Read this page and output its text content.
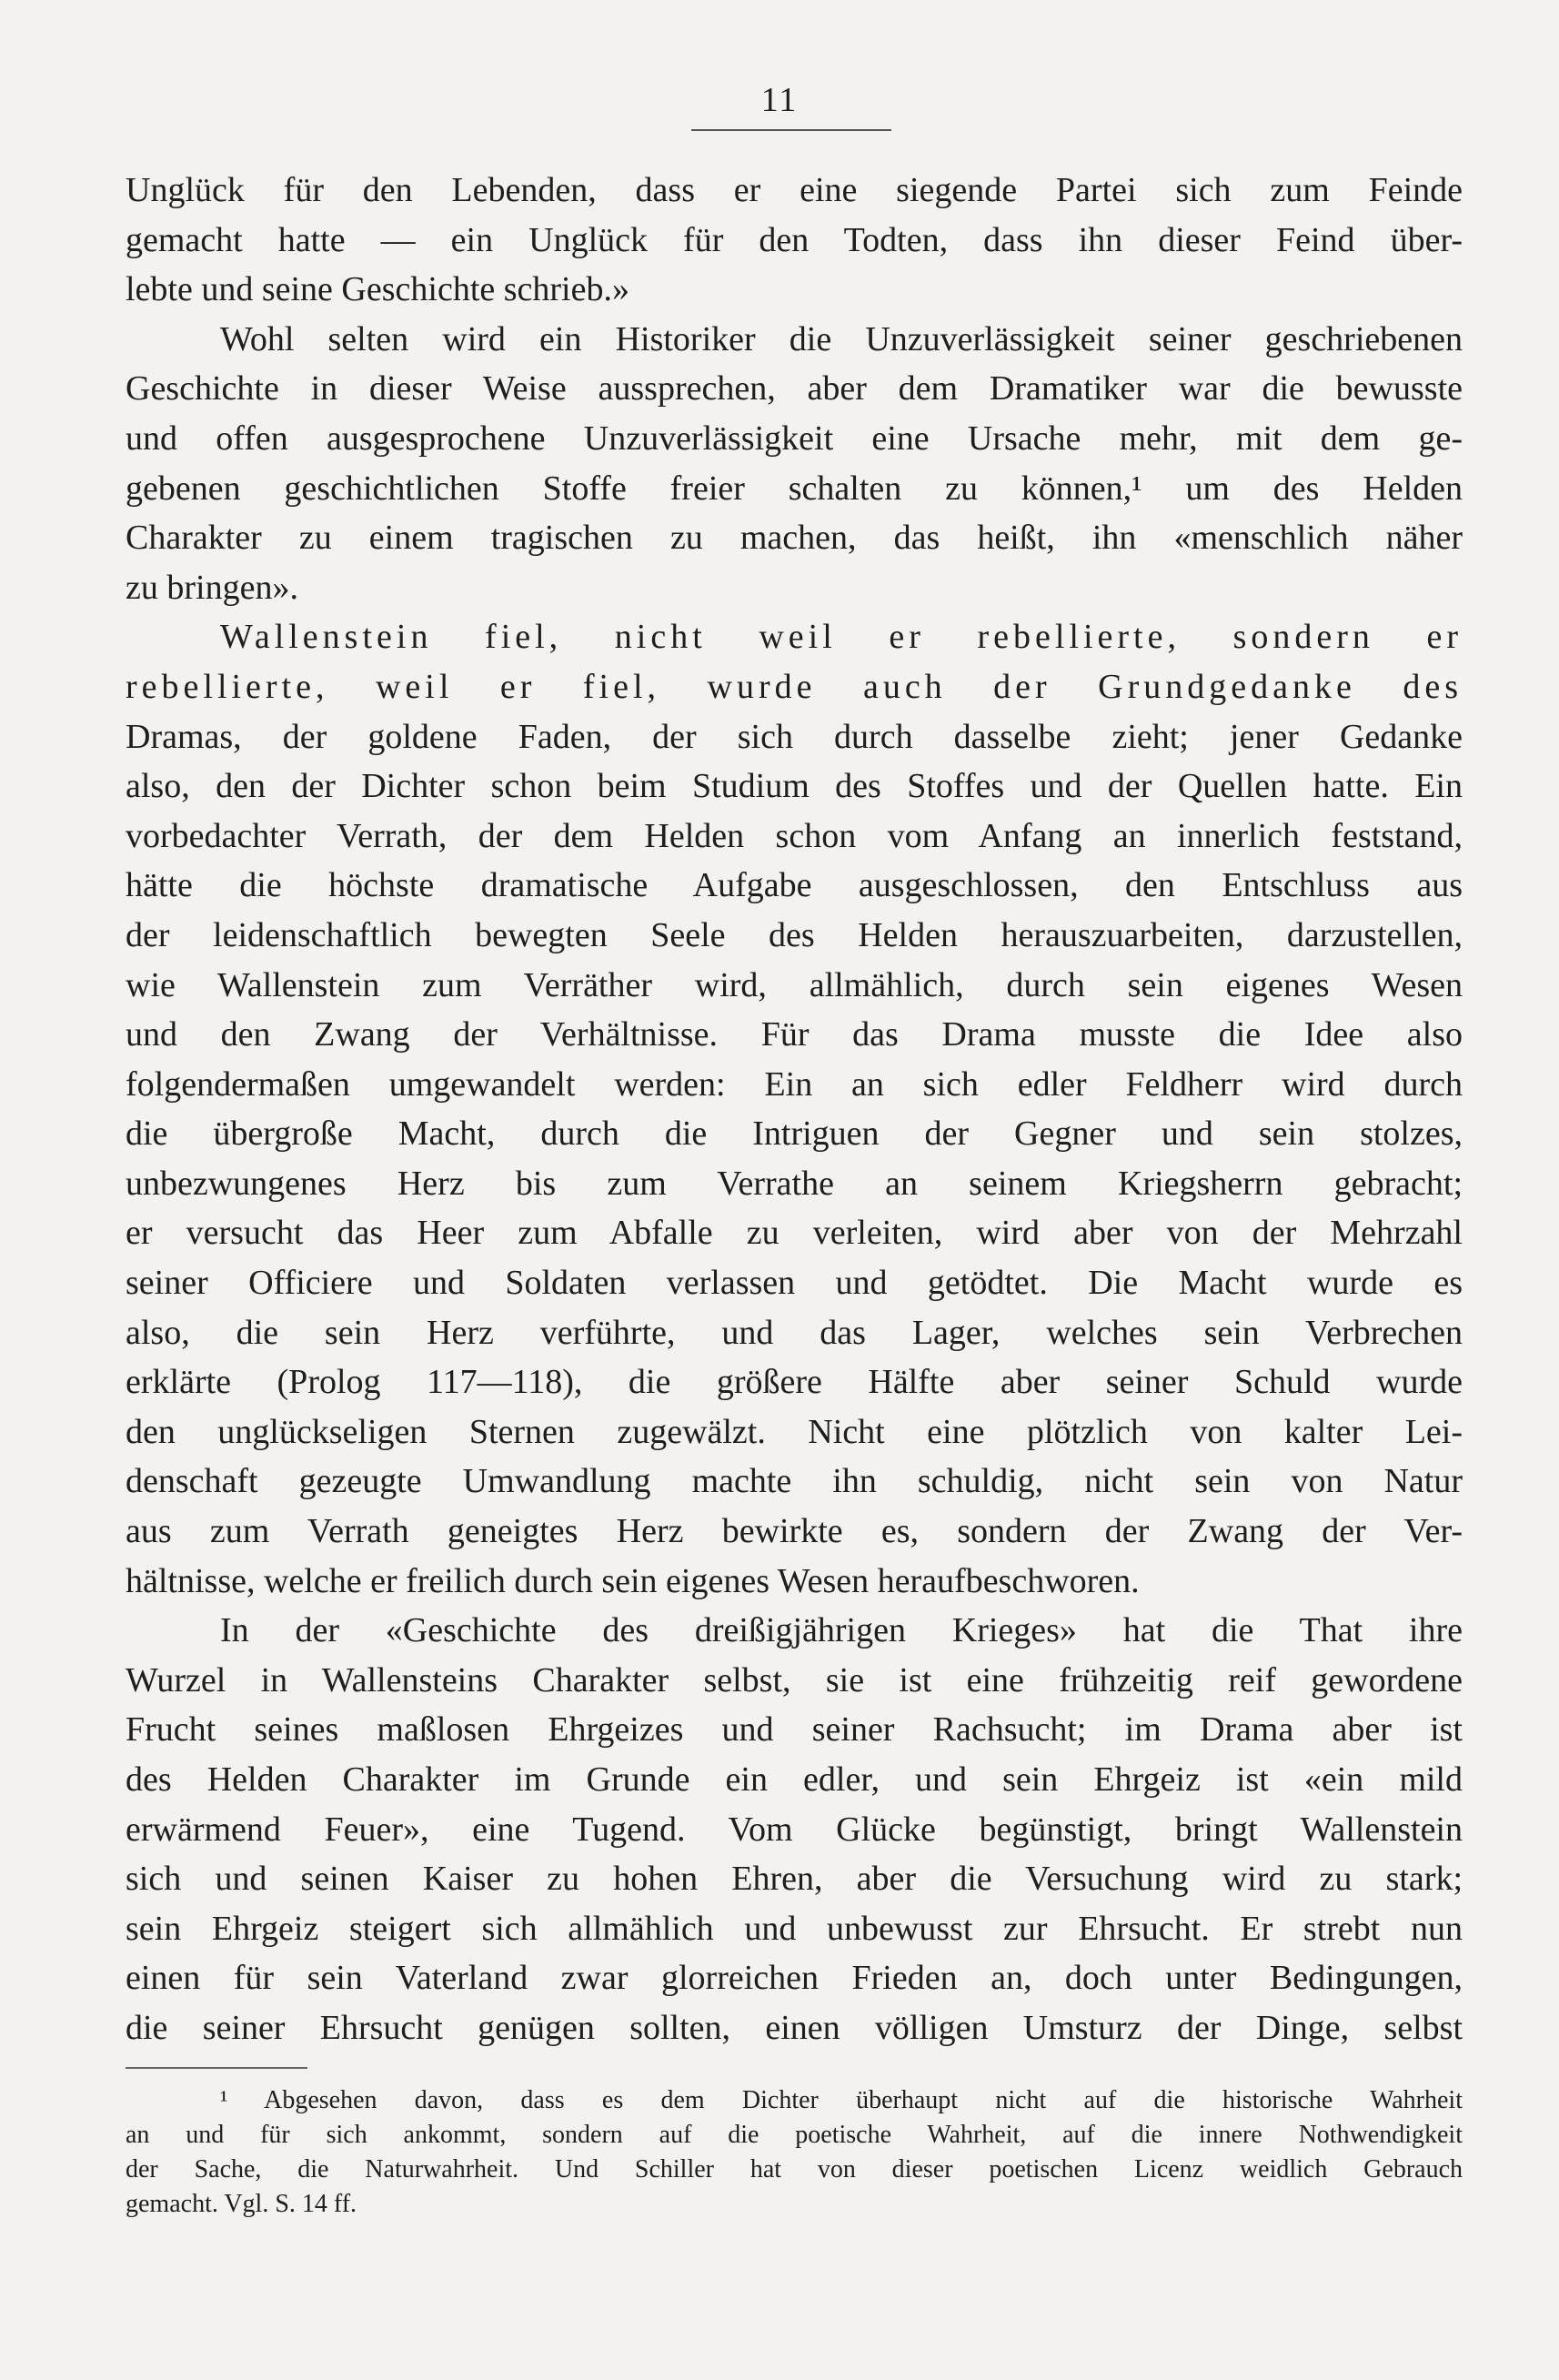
11
Unglück für den Lebenden, dass er eine siegende Partei sich zum Feinde
gemacht hatte — ein Unglück für den Todten, dass ihn dieser Feind über-
lebte und seine Geschichte schrieb.»
Wohl selten wird ein Historiker die Unzuverlässigkeit seiner geschriebenen
Geschichte in dieser Weise aussprechen, aber dem Dramatiker war die bewusste
und offen ausgesprochene Unzuverlässigkeit eine Ursache mehr, mit dem ge-
gebenen geschichtlichen Stoffe freier schalten zu können,¹ um des Helden
Charakter zu einem tragischen zu machen, das heißt, ihn «menschlich näher
zu bringen».
Wallenstein fiel, nicht weil er rebellierte, sondern er
rebellierte, weil er fiel, wurde auch der Grundgedanke des
Dramas, der goldene Faden, der sich durch dasselbe zieht; jener Gedanke
also, den der Dichter schon beim Studium des Stoffes und der Quellen hatte. Ein
vorbedachter Verrath, der dem Helden schon vom Anfang an innerlich feststand,
hätte die höchste dramatische Aufgabe ausgeschlossen, den Entschluss aus
der leidenschaftlich bewegten Seele des Helden herauszuarbeiten, darzustellen,
wie Wallenstein zum Verräther wird, allmählich, durch sein eigenes Wesen
und den Zwang der Verhältnisse. Für das Drama musste die Idee also
folgendermaßen umgewandelt werden: Ein an sich edler Feldherr wird durch
die übergroße Macht, durch die Intriguen der Gegner und sein stolzes,
unbezwungenes Herz bis zum Verrathe an seinem Kriegsherrn gebracht;
er versucht das Heer zum Abfalle zu verleiten, wird aber von der Mehrzahl
seiner Officiere und Soldaten verlassen und getödtet. Die Macht wurde es
also, die sein Herz verführte, und das Lager, welches sein Verbrechen
erklärte (Prolog 117—118), die größere Hälfte aber seiner Schuld wurde
den unglückseligen Sternen zugewälzt. Nicht eine plötzlich von kalter Lei-
denschaft gezeugte Umwandlung machte ihn schuldig, nicht sein von Natur
aus zum Verrath geneigtes Herz bewirkte es, sondern der Zwang der Ver-
hältnisse, welche er freilich durch sein eigenes Wesen heraufbeschworen.
In der «Geschichte des dreißigjährigen Krieges» hat die That ihre
Wurzel in Wallensteins Charakter selbst, sie ist eine frühzeitig reif gewordene
Frucht seines maßlosen Ehrgeizes und seiner Rachsucht; im Drama aber ist
des Helden Charakter im Grunde ein edler, und sein Ehrgeiz ist «ein mild
erwärmend Feuer», eine Tugend. Vom Glücke begünstigt, bringt Wallenstein
sich und seinen Kaiser zu hohen Ehren, aber die Versuchung wird zu stark;
sein Ehrgeiz steigert sich allmählich und unbewusst zur Ehrsucht. Er strebt nun
einen für sein Vaterland zwar glorreichen Frieden an, doch unter Bedingungen,
die seiner Ehrsucht genügen sollten, einen völligen Umsturz der Dinge, selbst
¹ Abgesehen davon, dass es dem Dichter überhaupt nicht auf die historische Wahrheit
an und für sich ankommt, sondern auf die poetische Wahrheit, auf die innere Nothwendigkeit
der Sache, die Naturwahrheit. Und Schiller hat von dieser poetischen Licenz weidlich Gebrauch
gemacht. Vgl. S. 14 ff.
